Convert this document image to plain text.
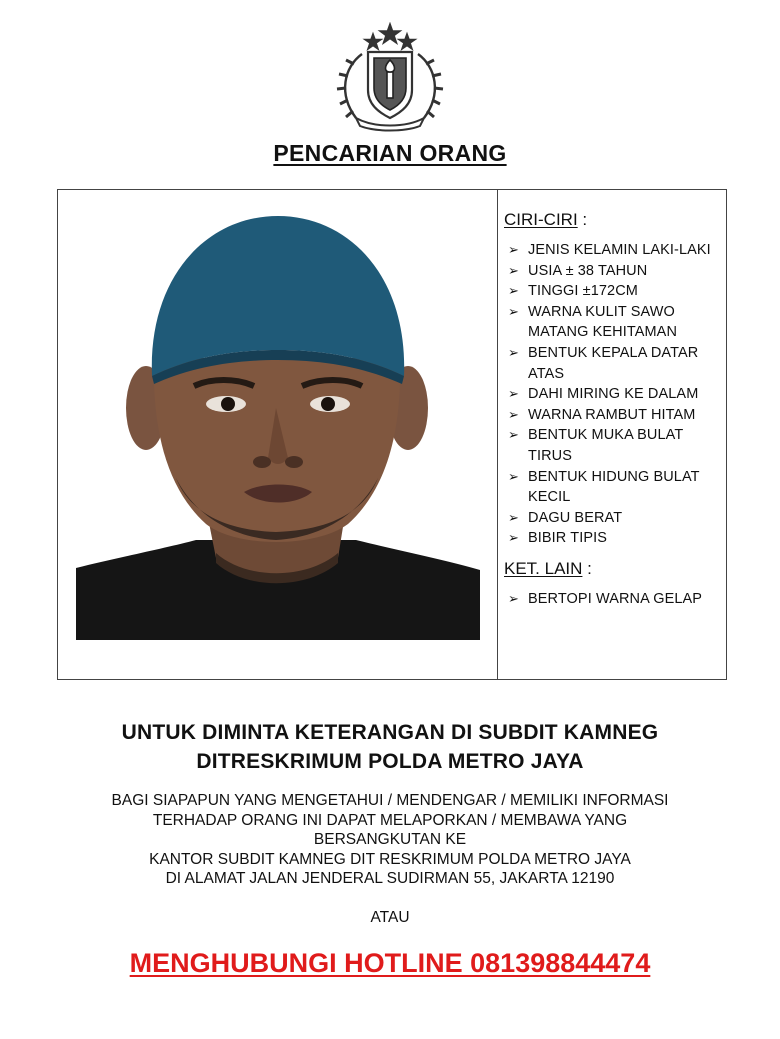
PENCARIAN ORANG
CIRI-CIRI :
➢ JENIS KELAMIN LAKI-LAKI
➢ USIA ± 38 TAHUN
➢ TINGGI ±172CM
➢ WARNA KULIT SAWO MATANG KEHITAMAN
➢ BENTUK KEPALA DATAR ATAS
➢ DAHI MIRING KE DALAM
➢ WARNA RAMBUT HITAM
➢ BENTUK MUKA BULAT TIRUS
➢ BENTUK HIDUNG BULAT KECIL
➢ DAGU BERAT
➢ BIBIR TIPIS
KET. LAIN :
➢ BERTOPI WARNA GELAP
UNTUK DIMINTA KETERANGAN DI SUBDIT KAMNEG
DITRESKRIMUM POLDA METRO JAYA
BAGI SIAPAPUN YANG MENGETAHUI / MENDENGAR / MEMILIKI INFORMASI
TERHADAP ORANG INI DAPAT MELAPORKAN / MEMBAWA YANG
BERSANGKUTAN KE
KANTOR SUBDIT KAMNEG DIT RESKRIMUM POLDA METRO JAYA
DI ALAMAT JALAN JENDERAL SUDIRMAN 55, JAKARTA 12190
ATAU
MENGHUBUNGI HOTLINE 081398844474
